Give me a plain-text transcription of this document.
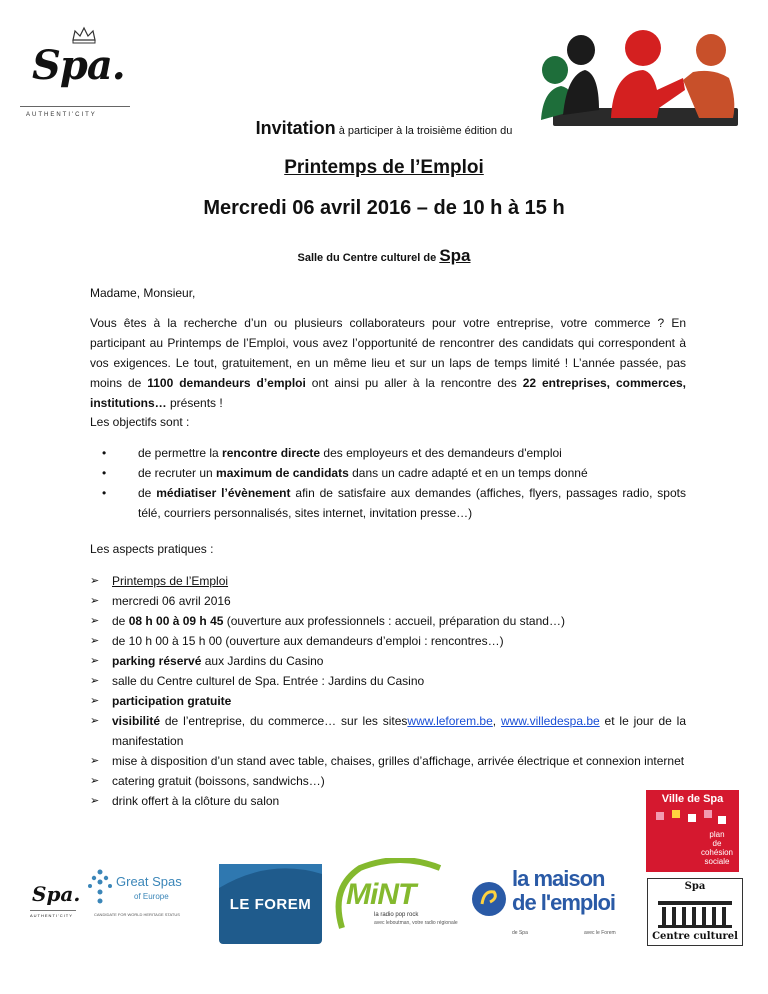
Spa.
AUTHENTI'CITY
Invitation à participer à la troisième édition du
Printemps de l’Emploi
Mercredi 06 avril 2016 – de 10 h à 15 h
Salle du Centre culturel de Spa
Madame, Monsieur,
Vous êtes à la recherche d’un ou plusieurs collaborateurs pour votre entreprise, votre commerce ? En participant au Printemps de l’Emploi, vous avez l’opportunité de rencontrer des candidats qui correspondent à vos exigences. Le tout, gratuitement, en un même lieu et sur un laps de temps limité ! L’année passée, pas moins de 1100 demandeurs d’emploi ont ainsi pu aller à la rencontre des 22 entreprises, commerces, institutions… présents !
Les objectifs sont :
•	de permettre la rencontre directe des employeurs et des demandeurs d'emploi
•	de recruter un maximum de candidats dans un cadre adapté et en un temps donné
•	de médiatiser l’évènement afin de satisfaire aux demandes (affiches, flyers, passages radio, spots télé, courriers personnalisés, sites internet, invitation presse…)
Les aspects pratiques :
➢ Printemps de l’Emploi
➢ mercredi 06 avril 2016
➢ de 08 h 00 à 09 h 45 (ouverture aux professionnels : accueil, préparation du stand…)
➢ de 10 h 00 à 15 h 00 (ouverture aux demandeurs d’emploi : rencontres…)
➢ parking réservé aux Jardins du Casino
➢ salle du Centre culturel de Spa. Entrée : Jardins du Casino
➢ participation gratuite
➢ visibilité de l’entreprise, du commerce… sur les siteswww.leforem.be, www.villedespa.be et le jour de la manifestation
➢ mise à disposition d’un stand avec table, chaises, grilles d’affichage, arrivée électrique et connexion internet
➢ catering gratuit (boissons, sandwichs…)
➢ drink offert à la clôture du salon	Ville de Spa
plan
de
cohésion
sociale
Spa.
AUTHENTI'CITY
Great Spas
of Europe
CANDIDATE FOR WORLD HERITAGE STATUS
LE FOREM	MiNT
la radio pop rock
avec leboutman, votre radio régionale
la maison
de l'emploi
de Spa	avec le Forem
Spa
Centre culturel
